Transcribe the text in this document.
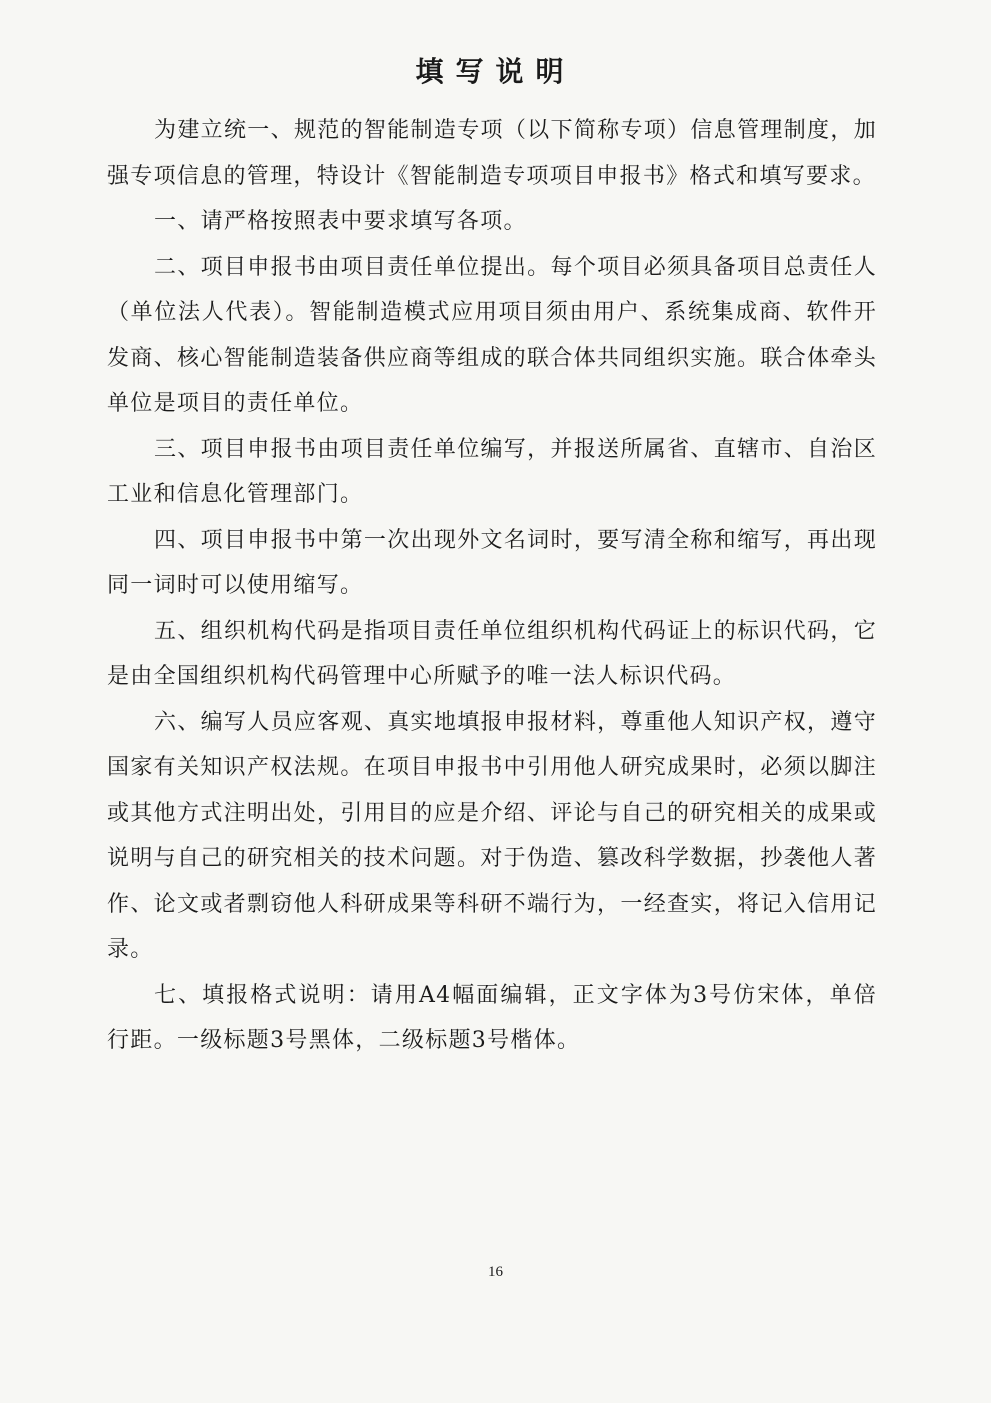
填写说明

为建立统一、规范的智能制造专项（以下简称专项）信息管理制度，加强专项信息的管理，特设计《智能制造专项项目申报书》格式和填写要求。

一、请严格按照表中要求填写各项。

二、项目申报书由项目责任单位提出。每个项目必须具备项目总责任人（单位法人代表）。智能制造模式应用项目须由用户、系统集成商、软件开发商、核心智能制造装备供应商等组成的联合体共同组织实施。联合体牵头单位是项目的责任单位。

三、项目申报书由项目责任单位编写，并报送所属省、直辖市、自治区工业和信息化管理部门。

四、项目申报书中第一次出现外文名词时，要写清全称和缩写，再出现同一词时可以使用缩写。

五、组织机构代码是指项目责任单位组织机构代码证上的标识代码，它是由全国组织机构代码管理中心所赋予的唯一法人标识代码。

六、编写人员应客观、真实地填报申报材料，尊重他人知识产权，遵守国家有关知识产权法规。在项目申报书中引用他人研究成果时，必须以脚注或其他方式注明出处，引用目的应是介绍、评论与自己的研究相关的成果或说明与自己的研究相关的技术问题。对于伪造、篡改科学数据，抄袭他人著作、论文或者剽窃他人科研成果等科研不端行为，一经查实，将记入信用记录。

七、填报格式说明：请用A4幅面编辑，正文字体为3号仿宋体，单倍行距。一级标题3号黑体，二级标题3号楷体。

16
